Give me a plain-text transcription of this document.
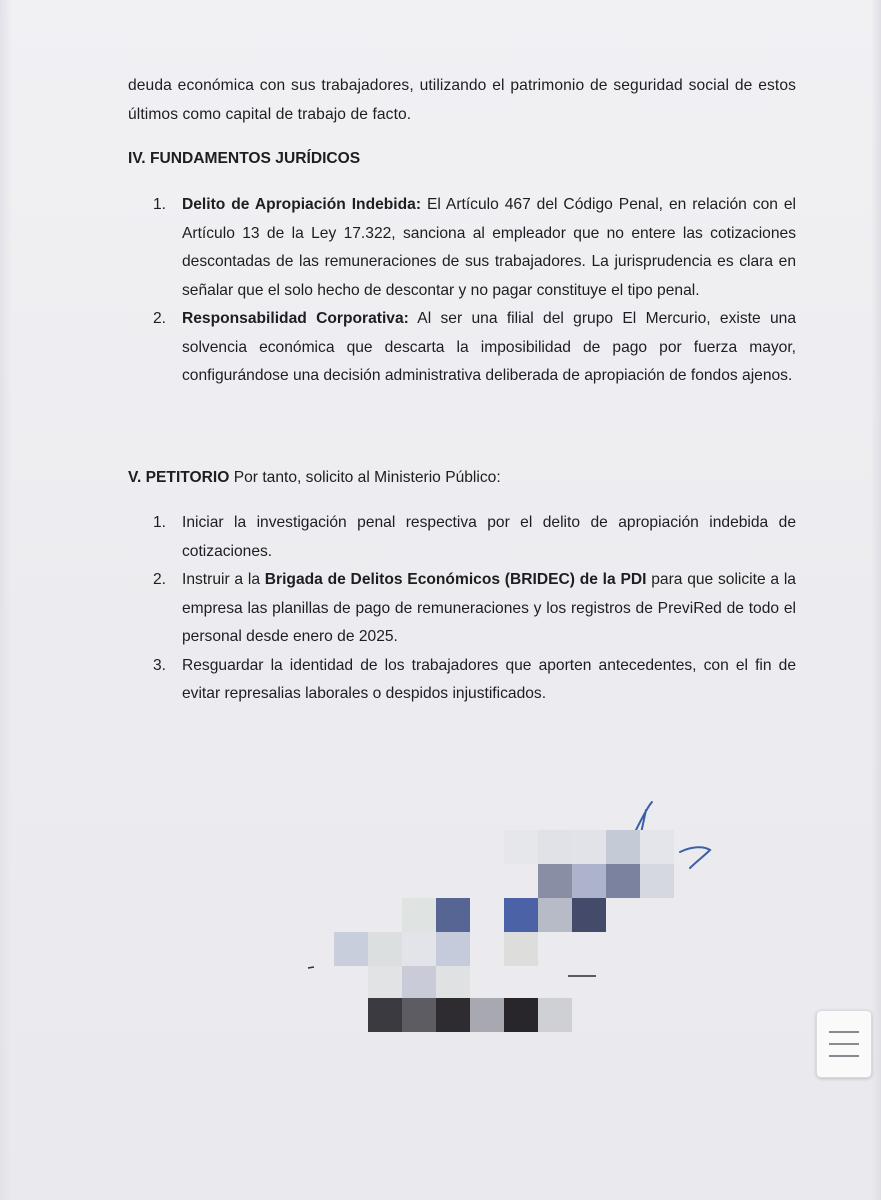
deuda económica con sus trabajadores, utilizando el patrimonio de seguridad social de estos últimos como capital de trabajo de facto.

IV. FUNDAMENTOS JURÍDICOS
1. Delito de Apropiación Indebida: El Artículo 467 del Código Penal, en relación con el Artículo 13 de la Ley 17.322, sanciona al empleador que no entere las cotizaciones descontadas de las remuneraciones de sus trabajadores. La jurisprudencia es clara en señalar que el solo hecho de descontar y no pagar constituye el tipo penal.
2. Responsabilidad Corporativa: Al ser una filial del grupo El Mercurio, existe una solvencia económica que descarta la imposibilidad de pago por fuerza mayor, configurándose una decisión administrativa deliberada de apropiación de fondos ajenos.
V. PETITORIO Por tanto, solicito al Ministerio Público:
1. Iniciar la investigación penal respectiva por el delito de apropiación indebida de cotizaciones.
2. Instruir a la Brigada de Delitos Económicos (BRIDEC) de la PDI para que solicite a la empresa las planillas de pago de remuneraciones y los registros de PreviRed de todo el personal desde enero de 2025.
3. Resguardar la identidad de los trabajadores que aporten antecedentes, con el fin de evitar represalias laborales o despidos injustificados.
